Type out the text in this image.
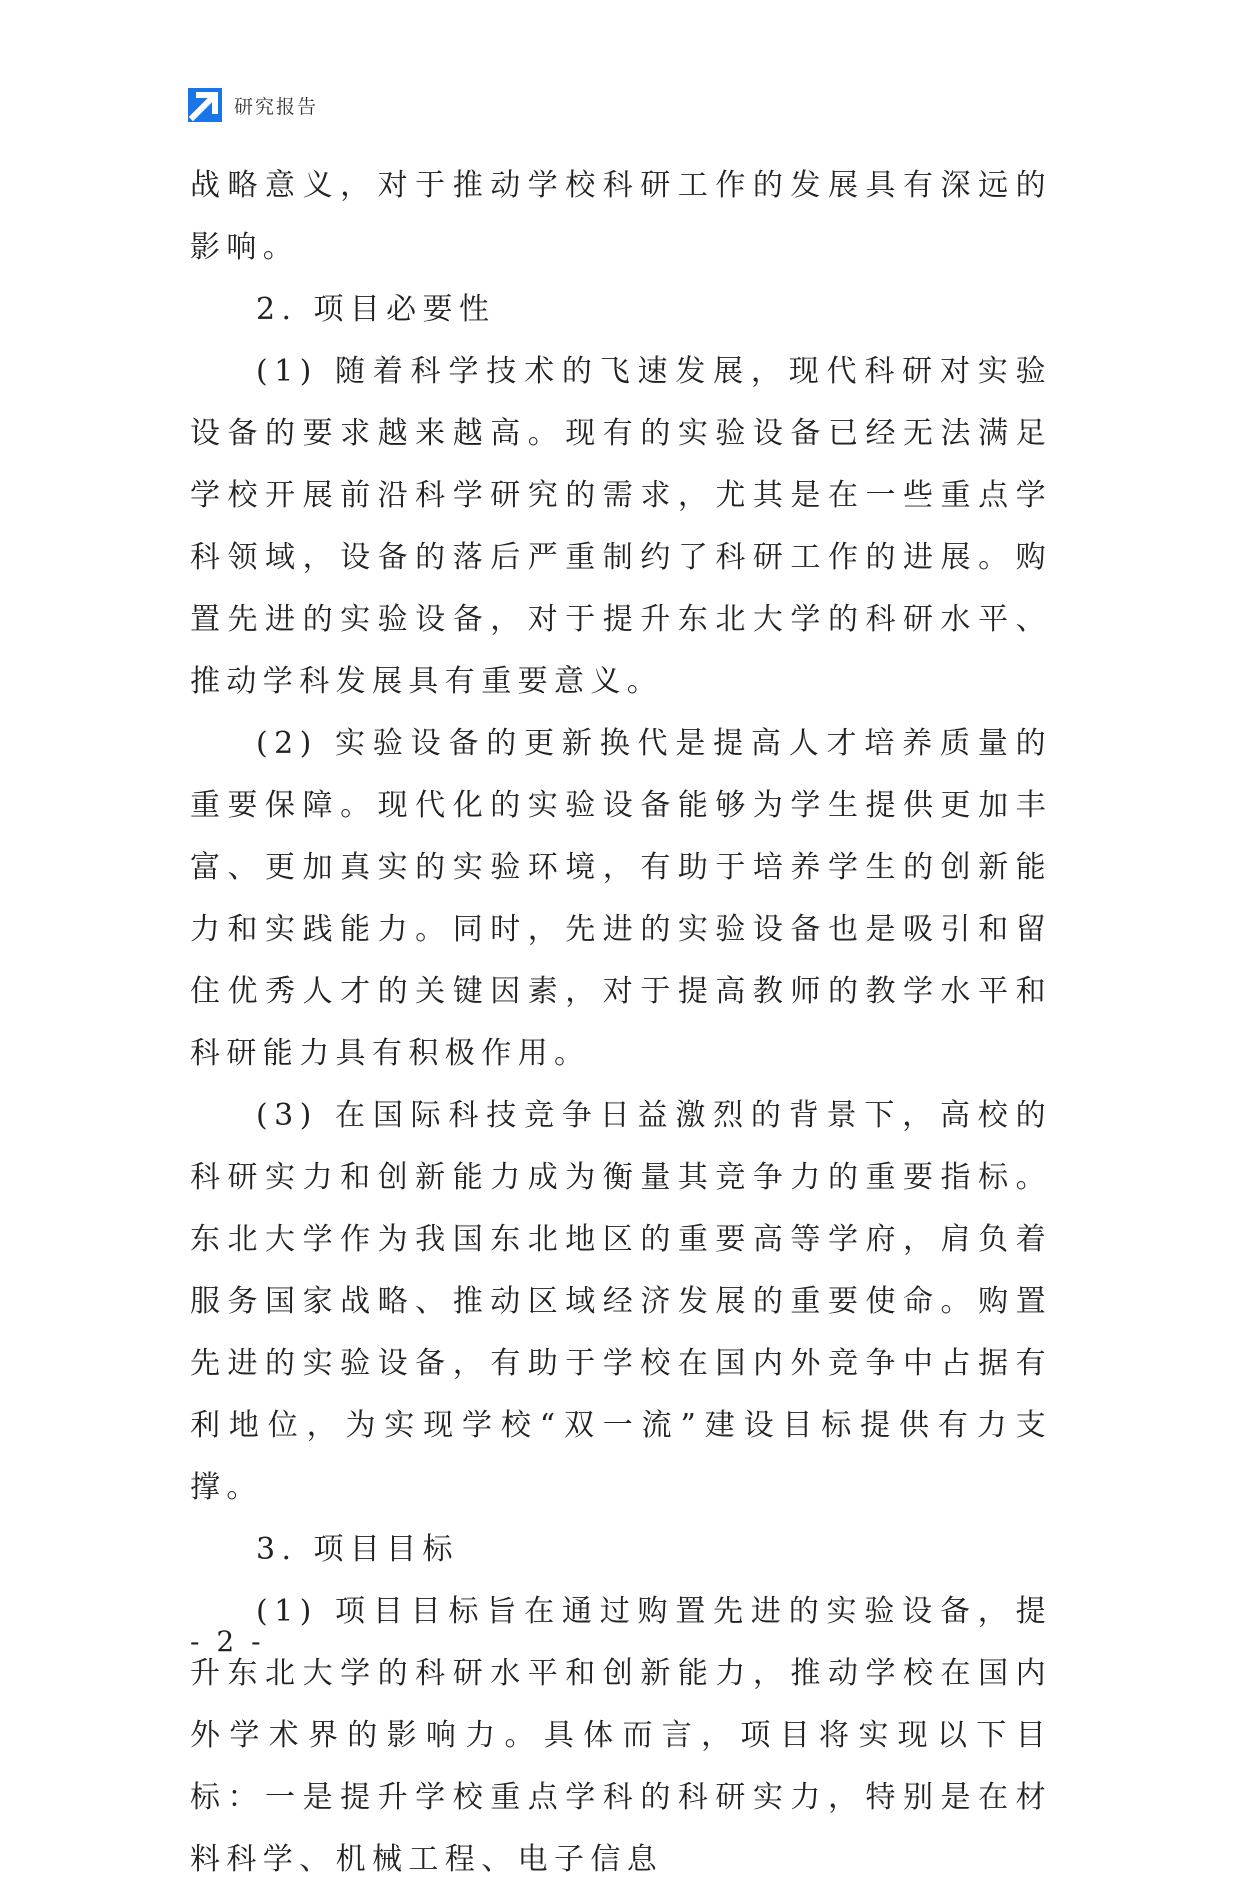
研究报告

战略意义，对于推动学校科研工作的发展具有深远的影响。

2. 项目必要性

(1) 随着科学技术的飞速发展，现代科研对实验设备的要求越来越高。现有的实验设备已经无法满足学校开展前沿科学研究的需求，尤其是在一些重点学科领域，设备的落后严重制约了科研工作的进展。购置先进的实验设备，对于提升东北大学的科研水平、推动学科发展具有重要意义。

(2) 实验设备的更新换代是提高人才培养质量的重要保障。现代化的实验设备能够为学生提供更加丰富、更加真实的实验环境，有助于培养学生的创新能力和实践能力。同时，先进的实验设备也是吸引和留住优秀人才的关键因素，对于提高教师的教学水平和科研能力具有积极作用。

(3) 在国际科技竞争日益激烈的背景下，高校的科研实力和创新能力成为衡量其竞争力的重要指标。东北大学作为我国东北地区的重要高等学府，肩负着服务国家战略、推动区域经济发展的重要使命。购置先进的实验设备，有助于学校在国内外竞争中占据有利地位，为实现学校“双一流”建设目标提供有力支撑。

3. 项目目标

(1) 项目目标旨在通过购置先进的实验设备，提升东北大学的科研水平和创新能力，推动学校在国内外学术界的影响力。具体而言，项目将实现以下目标：一是提升学校重点学科的科研实力，特别是在材料科学、机械工程、电子信息

- 2 -
